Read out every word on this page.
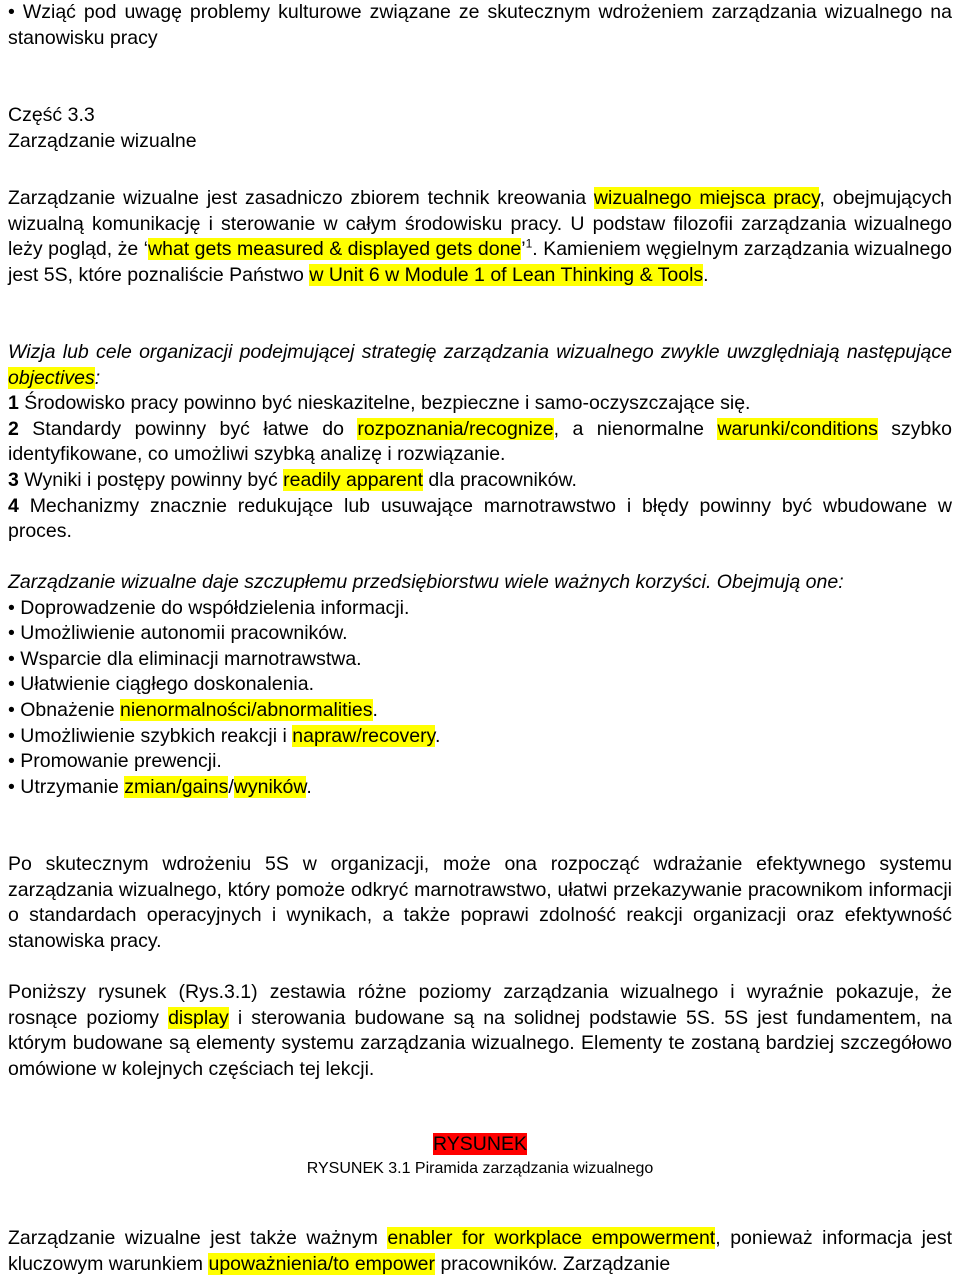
• Wziąć pod uwagę problemy kulturowe związane ze skutecznym wdrożeniem zarządzania wizualnego na stanowisku pracy

Część 3.3
Zarządzanie wizualne

Zarządzanie wizualne jest zasadniczo zbiorem technik kreowania wizualnego miejsca pracy, obejmujących wizualną komunikację i sterowanie w całym środowisku pracy. U podstaw filozofii zarządzania wizualnego leży pogląd, że ‘what gets measured & displayed gets done’$^1$. Kamieniem węgielnym zarządzania wizualnego jest 5S, które poznaliście Państwo w Unit 6 w Module 1 of Lean Thinking & Tools.

Wizja lub cele organizacji podejmującej strategię zarządzania wizualnego zwykle uwzględniają następujące objectives:

1 Środowisko pracy powinno być nieskazitelne, bezpieczne i samo-oczyszczające się.

2 Standardy powinny być łatwe do rozpoznania/recognize, a nienormalne warunki/conditions szybko identyfikowane, co umożliwi szybką analizę i rozwiązanie.

3 Wyniki i postępy powinny być readily apparent dla pracowników.

4 Mechanizmy znacznie redukujące lub usuwające marnotrawstwo i błędy powinny być wbudowane w proces.

Zarządzanie wizualne daje szczupłemu przedsiębiorstwu wiele ważnych korzyści. Obejmują one:

• Doprowadzenie do współdzielenia informacji.
• Umożliwienie autonomii pracowników.
• Wsparcie dla eliminacji marnotrawstwa.
• Ułatwienie ciągłego doskonalenia.
• Obnażenie nienormalności/abnormalities.
• Umożliwienie szybkich reakcji i napraw/recovery.
• Promowanie prewencji.
• Utrzymanie zmian/gains/wyników.

Po skutecznym wdrożeniu 5S w organizacji, może ona rozpocząć wdrażanie efektywnego systemu zarządzania wizualnego, który pomoże odkryć marnotrawstwo, ułatwi przekazywanie pracownikom informacji o standardach operacyjnych i wynikach, a także poprawi zdolność reakcji organizacji oraz efektywność stanowiska pracy.

Poniższy rysunek (Rys.3.1) zestawia różne poziomy zarządzania wizualnego i wyraźnie pokazuje, że rosnące poziomy display i sterowania budowane są na solidnej podstawie 5S. 5S jest fundamentem, na którym budowane są elementy systemu zarządzania wizualnego. Elementy te zostaną bardziej szczegółowo omówione w kolejnych częściach tej lekcji.

RYSUNEK
RYSUNEK 3.1 Piramida zarządzania wizualnego

Zarządzanie wizualne jest także ważnym enabler for workplace empowerment, ponieważ informacja jest kluczowym warunkiem upoważnienia/to empower pracowników. Zarządzanie
